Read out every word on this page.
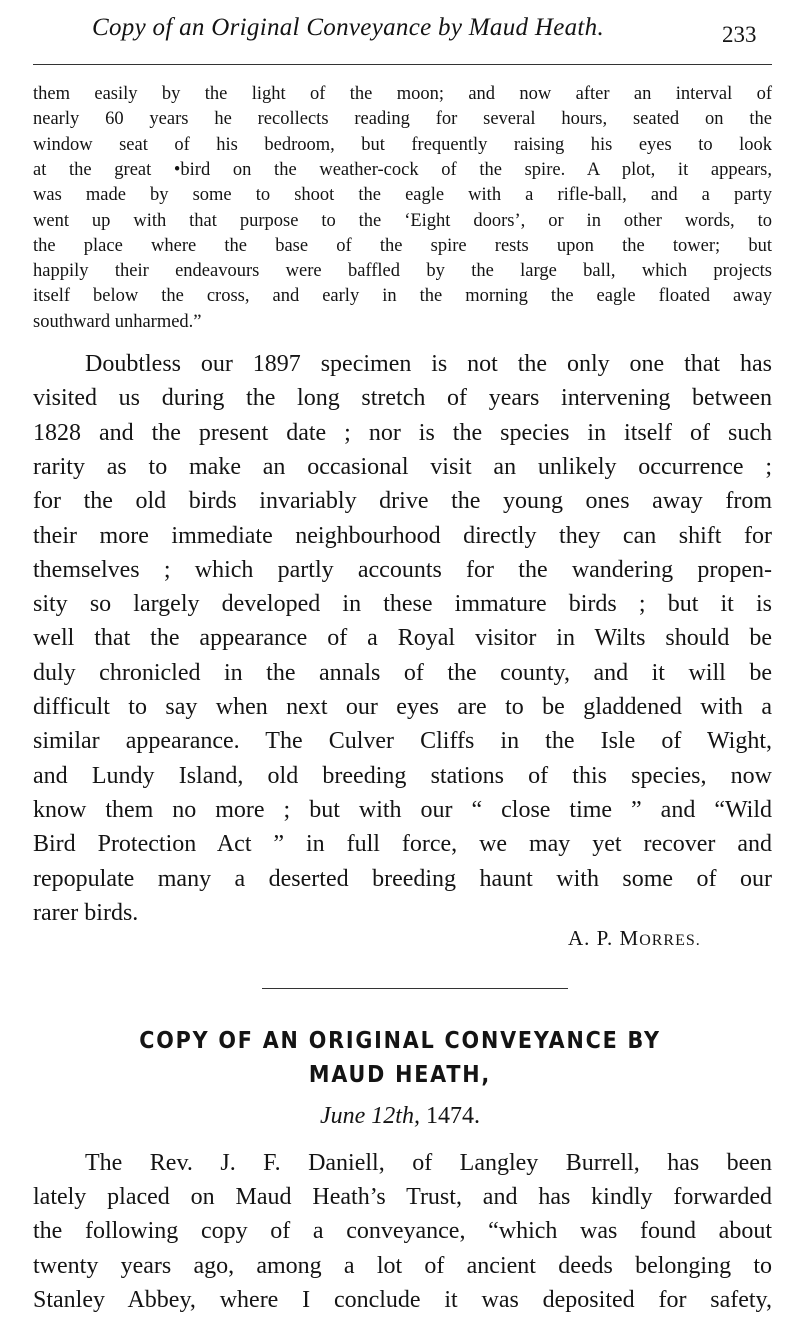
Copy of an Original Conveyance by Maud Heath.	233
them easily by the light of the moon; and now after an interval of
nearly 60 years he recollects reading for several hours, seated on the
window seat of his bedroom, but frequently raising his eyes to look
at the great •bird on the weather-cock of the spire. A plot, it appears,
was made by some to shoot the eagle with a rifle-ball, and a party
went up with that purpose to the ‘Eight doors’, or in other words, to
the place where the base of the spire rests upon the tower; but
happily their endeavours were baffled by the large ball, which projects
itself below the cross, and early in the morning the eagle floated away
southward unharmed.”
Doubtless our 1897 specimen is not the only one that has
visited us during the long stretch of years intervening between
1828 and the present date ; nor is the species in itself of such
rarity as to make an occasional visit an unlikely occurrence ;
for the old birds invariably drive the young ones away from
their more immediate neighbourhood directly they can shift for
themselves ; which partly accounts for the wandering propen-
sity so largely developed in these immature birds ; but it is
well that the appearance of a Royal visitor in Wilts should be
duly chronicled in the annals of the county, and it will be
difficult to say when next our eyes are to be gladdened with a
similar appearance. The Culver Cliffs in the Isle of Wight,
and Lundy Island, old breeding stations of this species, now
know them no more ; but with our “ close time ” and “Wild
Bird Protection Act ” in full force, we may yet recover and
repopulate many a deserted breeding haunt with some of our
rarer birds.
A. P. MORRES.
COPY OF AN ORIGINAL CONVEYANCE BY
MAUD HEATH,
June 12th, 1474.
The Rev. J. F. Daniell, of Langley Burrell, has been
lately placed on Maud Heath’s Trust, and has kindly forwarded
the following copy of a conveyance, “which was found about
twenty years ago, among a lot of ancient deeds belonging to
Stanley Abbey, where I conclude it was deposited for safety,
